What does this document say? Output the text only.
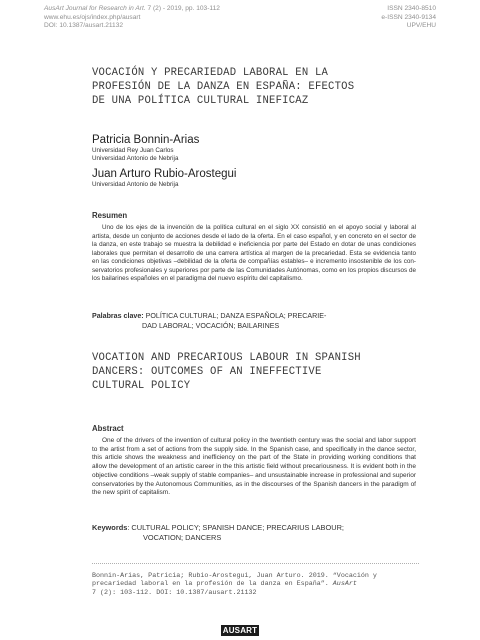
AusArt Journal for Research in Art. 7 (2) - 2019, pp. 103-112
www.ehu.es/ojs/index.php/ausart
DOI: 10.1387/ausart.21132
ISSN 2340-8510
e-ISSN 2340-9134
UPV/EHU
VOCACIÓN Y PRECARIEDAD LABORAL EN LA
PROFESIÓN DE LA DANZA EN ESPAÑA: EFECTOS
DE UNA POLÍTICA CULTURAL INEFICAZ
Patricia Bonnin-Arias
Universidad Rey Juan Carlos
Universidad Antonio de Nebrija
Juan Arturo Rubio-Arostegui
Universidad Antonio de Nebrija
Resumen

Uno de los ejes de la invención de la política cultural en el siglo XX consistió en el apoyo social y laboral al artista, desde un conjunto de acciones desde el lado de la oferta. En el caso español, y en concreto en el sector de la danza, en este trabajo se muestra la debilidad e ineficiencia por parte del Estado en dotar de unas condiciones laborales que permitan el desarrollo de una carrera artística al margen de la precariedad. Esta se evidencia tanto en las condiciones objetivas –debilidad de la oferta de compañías estables– e incremento insostenible de los conservatorios profesionales y superiores por parte de las Comunidades Autónomas, como en los propios discursos de los bailarines españoles en el paradigma del nuevo espíritu del capitalismo.

Palabras clave: POLÍTICA CULTURAL; DANZA ESPAÑOLA; PRECARIE-
DAD LABORAL; VOCACIÓN; BAILARINES
VOCATION AND PRECARIOUS LABOUR IN SPANISH
DANCERS: OUTCOMES OF AN INEFFECTIVE
CULTURAL POLICY
Abstract

One of the drivers of the invention of cultural policy in the twentieth century was the social and labor support to the artist from a set of actions from the supply side. In the Spanish case, and specifically in the dance sector, this article shows the weakness and inefficiency on the part of the State in providing working conditions that allow the development of an artistic career in the this artistic field without precariousness. It is evident both in the objective conditions –weak supply of stable companies– and unsustainable increase in professional and superior conservatories by the Autonomous Communities, as in the discourses of the Spanish dancers in the paradigm of the new spirit of capitalism.

Keywords: CULTURAL POLICY; SPANISH DANCE; PRECARIUS LABOUR;
VOCATION; DANCERS
Bonnin-Arias, Patricia; Rubio-Arostegui, Juan Arturo. 2019. “Vocación y
precariedad laboral en la profesión de la danza en España”. AusArt
7 (2): 103-112. DOI: 10.1387/ausart.21132
AUSART
